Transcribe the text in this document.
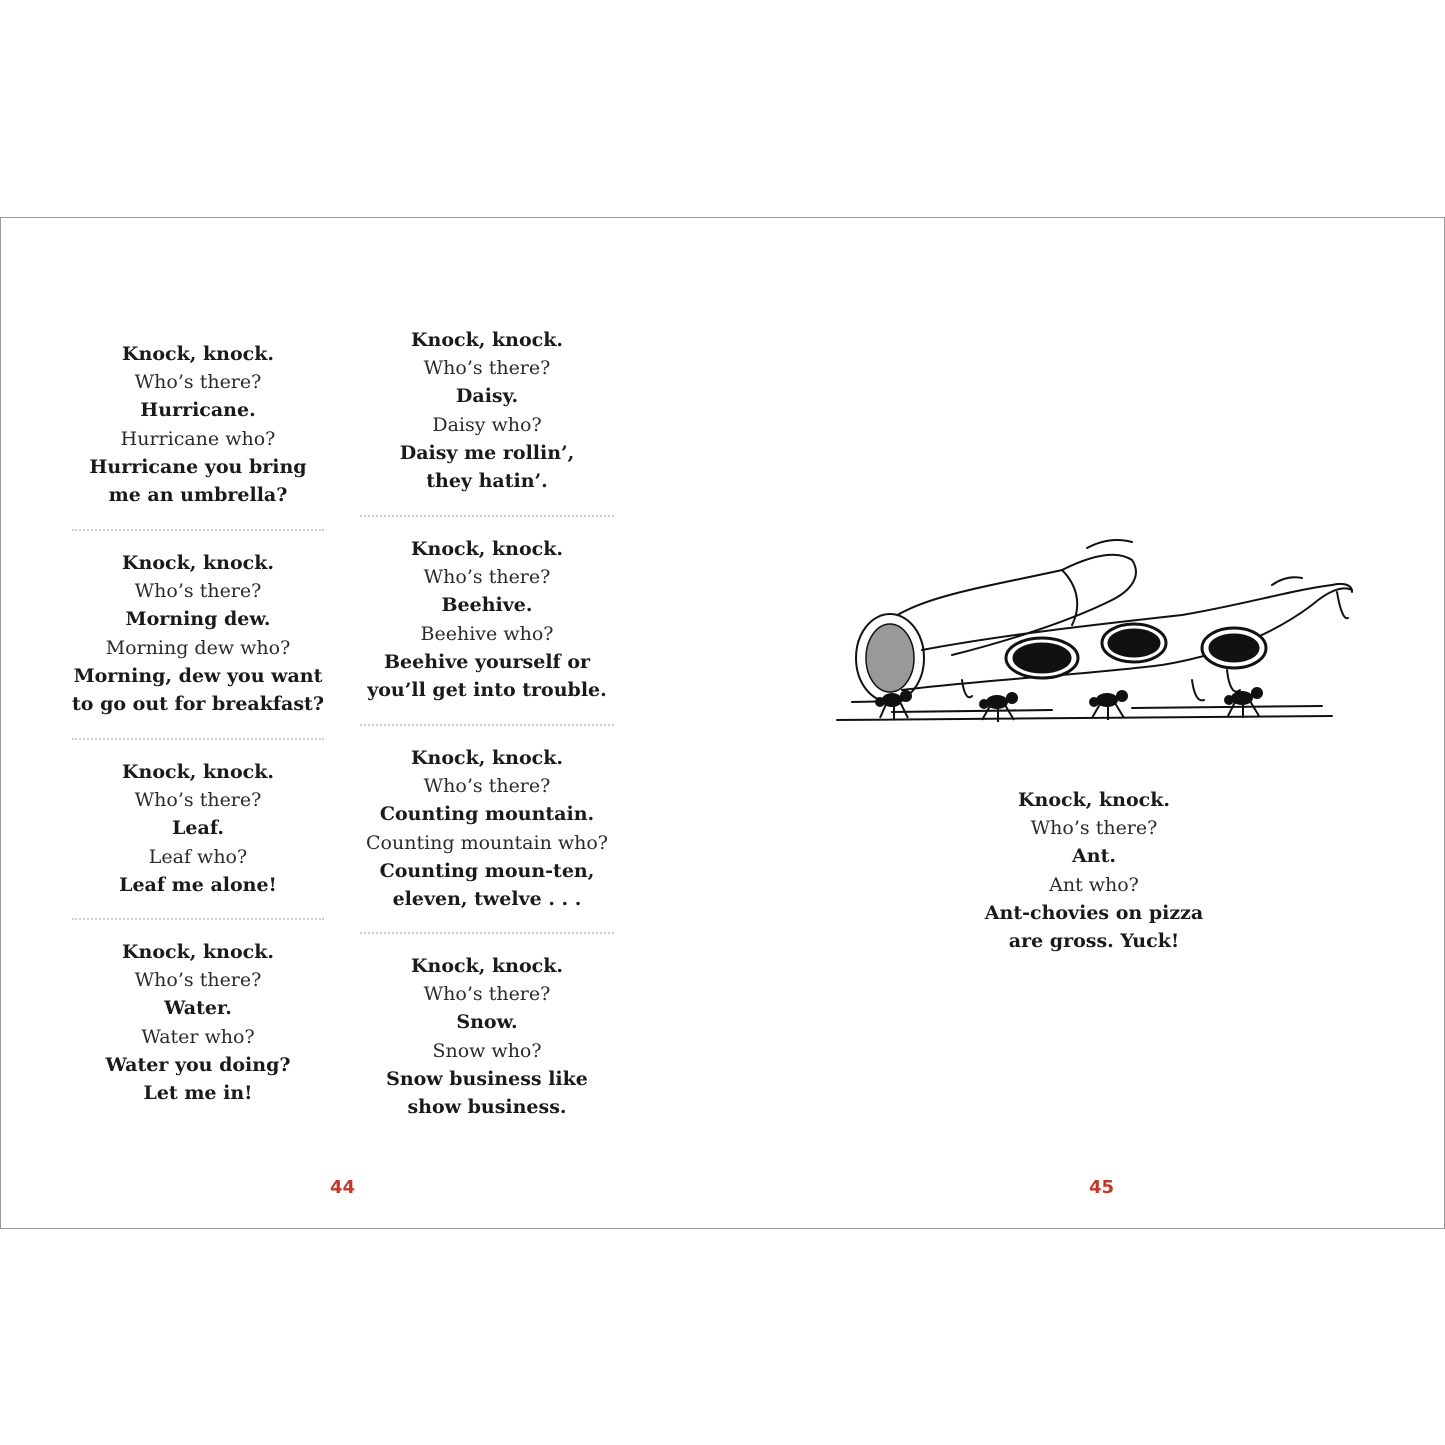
Knock, knock.
Who’s there?
Hurricane.
Hurricane who?
Hurricane you bring
me an umbrella?
Knock, knock.
Who’s there?
Morning dew.
Morning dew who?
Morning, dew you want
to go out for breakfast?
Knock, knock.
Who’s there?
Leaf.
Leaf who?
Leaf me alone!
Knock, knock.
Who’s there?
Water.
Water who?
Water you doing?
Let me in!
Knock, knock.
Who’s there?
Daisy.
Daisy who?
Daisy me rollin’,
they hatin’.
Knock, knock.
Who’s there?
Beehive.
Beehive who?
Beehive yourself or
you’ll get into trouble.
Knock, knock.
Who’s there?
Counting mountain.
Counting mountain who?
Counting moun-ten,
eleven, twelve . . .
Knock, knock.
Who’s there?
Snow.
Snow who?
Snow business like
show business.
Knock, knock.
Who’s there?
Ant.
Ant who?
Ant-chovies on pizza
are gross. Yuck!
44	45
